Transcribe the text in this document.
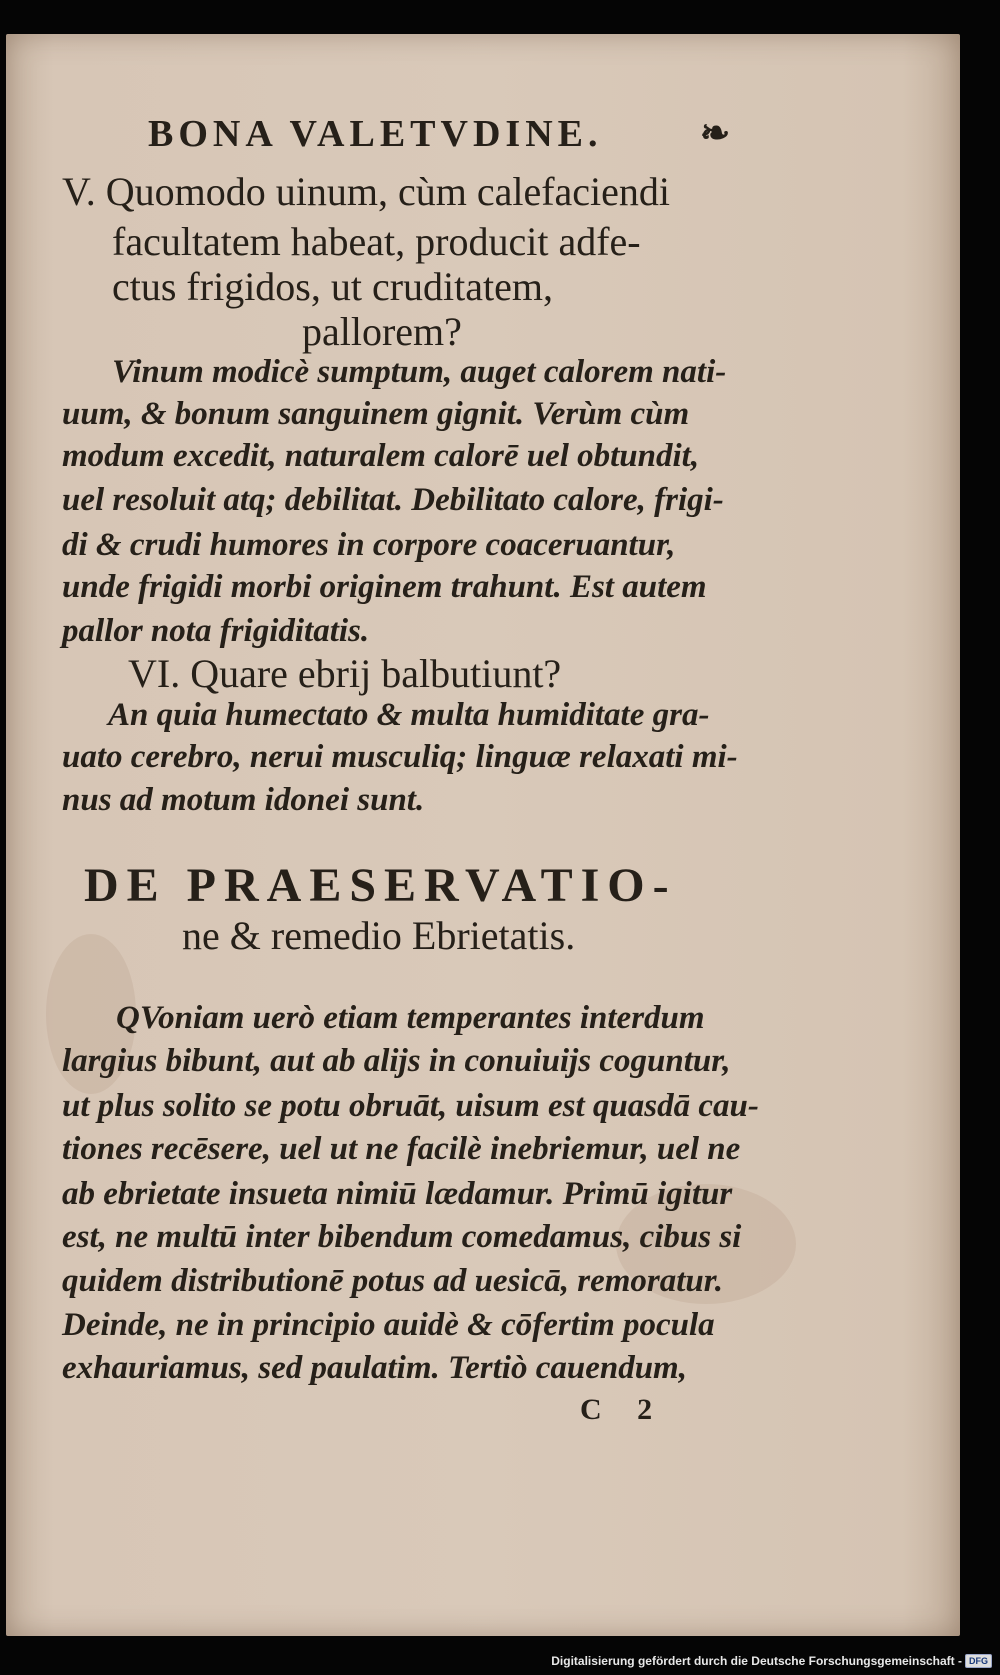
BONA VALETVDINE.	❧
V. Quomodo uinum, cùm calefaciendi
facultatem habeat, producit adfe-
ctus frigidos, ut cruditatem,
pallorem?
Vinum modicè sumptum, auget calorem nati-
uum, & bonum sanguinem gignit. Verùm cùm
modum excedit, naturalem calorē uel obtundit,
uel resoluit atq; debilitat. Debilitato calore, frigi-
di & crudi humores in corpore coaceruantur,
unde frigidi morbi originem trahunt. Est autem
pallor nota frigiditatis.
VI. Quare ebrij balbutiunt?
An quia humectato & multa humiditate gra-
uato cerebro, nerui musculiq; linguæ relaxati mi-
nus ad motum idonei sunt.
DE PRAESERVATIO-
ne & remedio Ebrietatis.
QVoniam uerò etiam temperantes interdum
largius bibunt, aut ab alijs in conuiuijs coguntur,
ut plus solito se potu obruāt, uisum est quasdā cau-
tiones recēsere, uel ut ne facilè inebriemur, uel ne
ab ebrietate insueta nimiū lædamur. Primū igitur
est, ne multū inter bibendum comedamus, cibus si
quidem distributionē potus ad uesicā, remoratur.
Deinde, ne in principio auidè & cōfertim pocula
exhauriamus, sed paulatim. Tertiò cauendum,
C 2
Digitalisierung gefördert durch die Deutsche Forschungsgemeinschaft - DFG
